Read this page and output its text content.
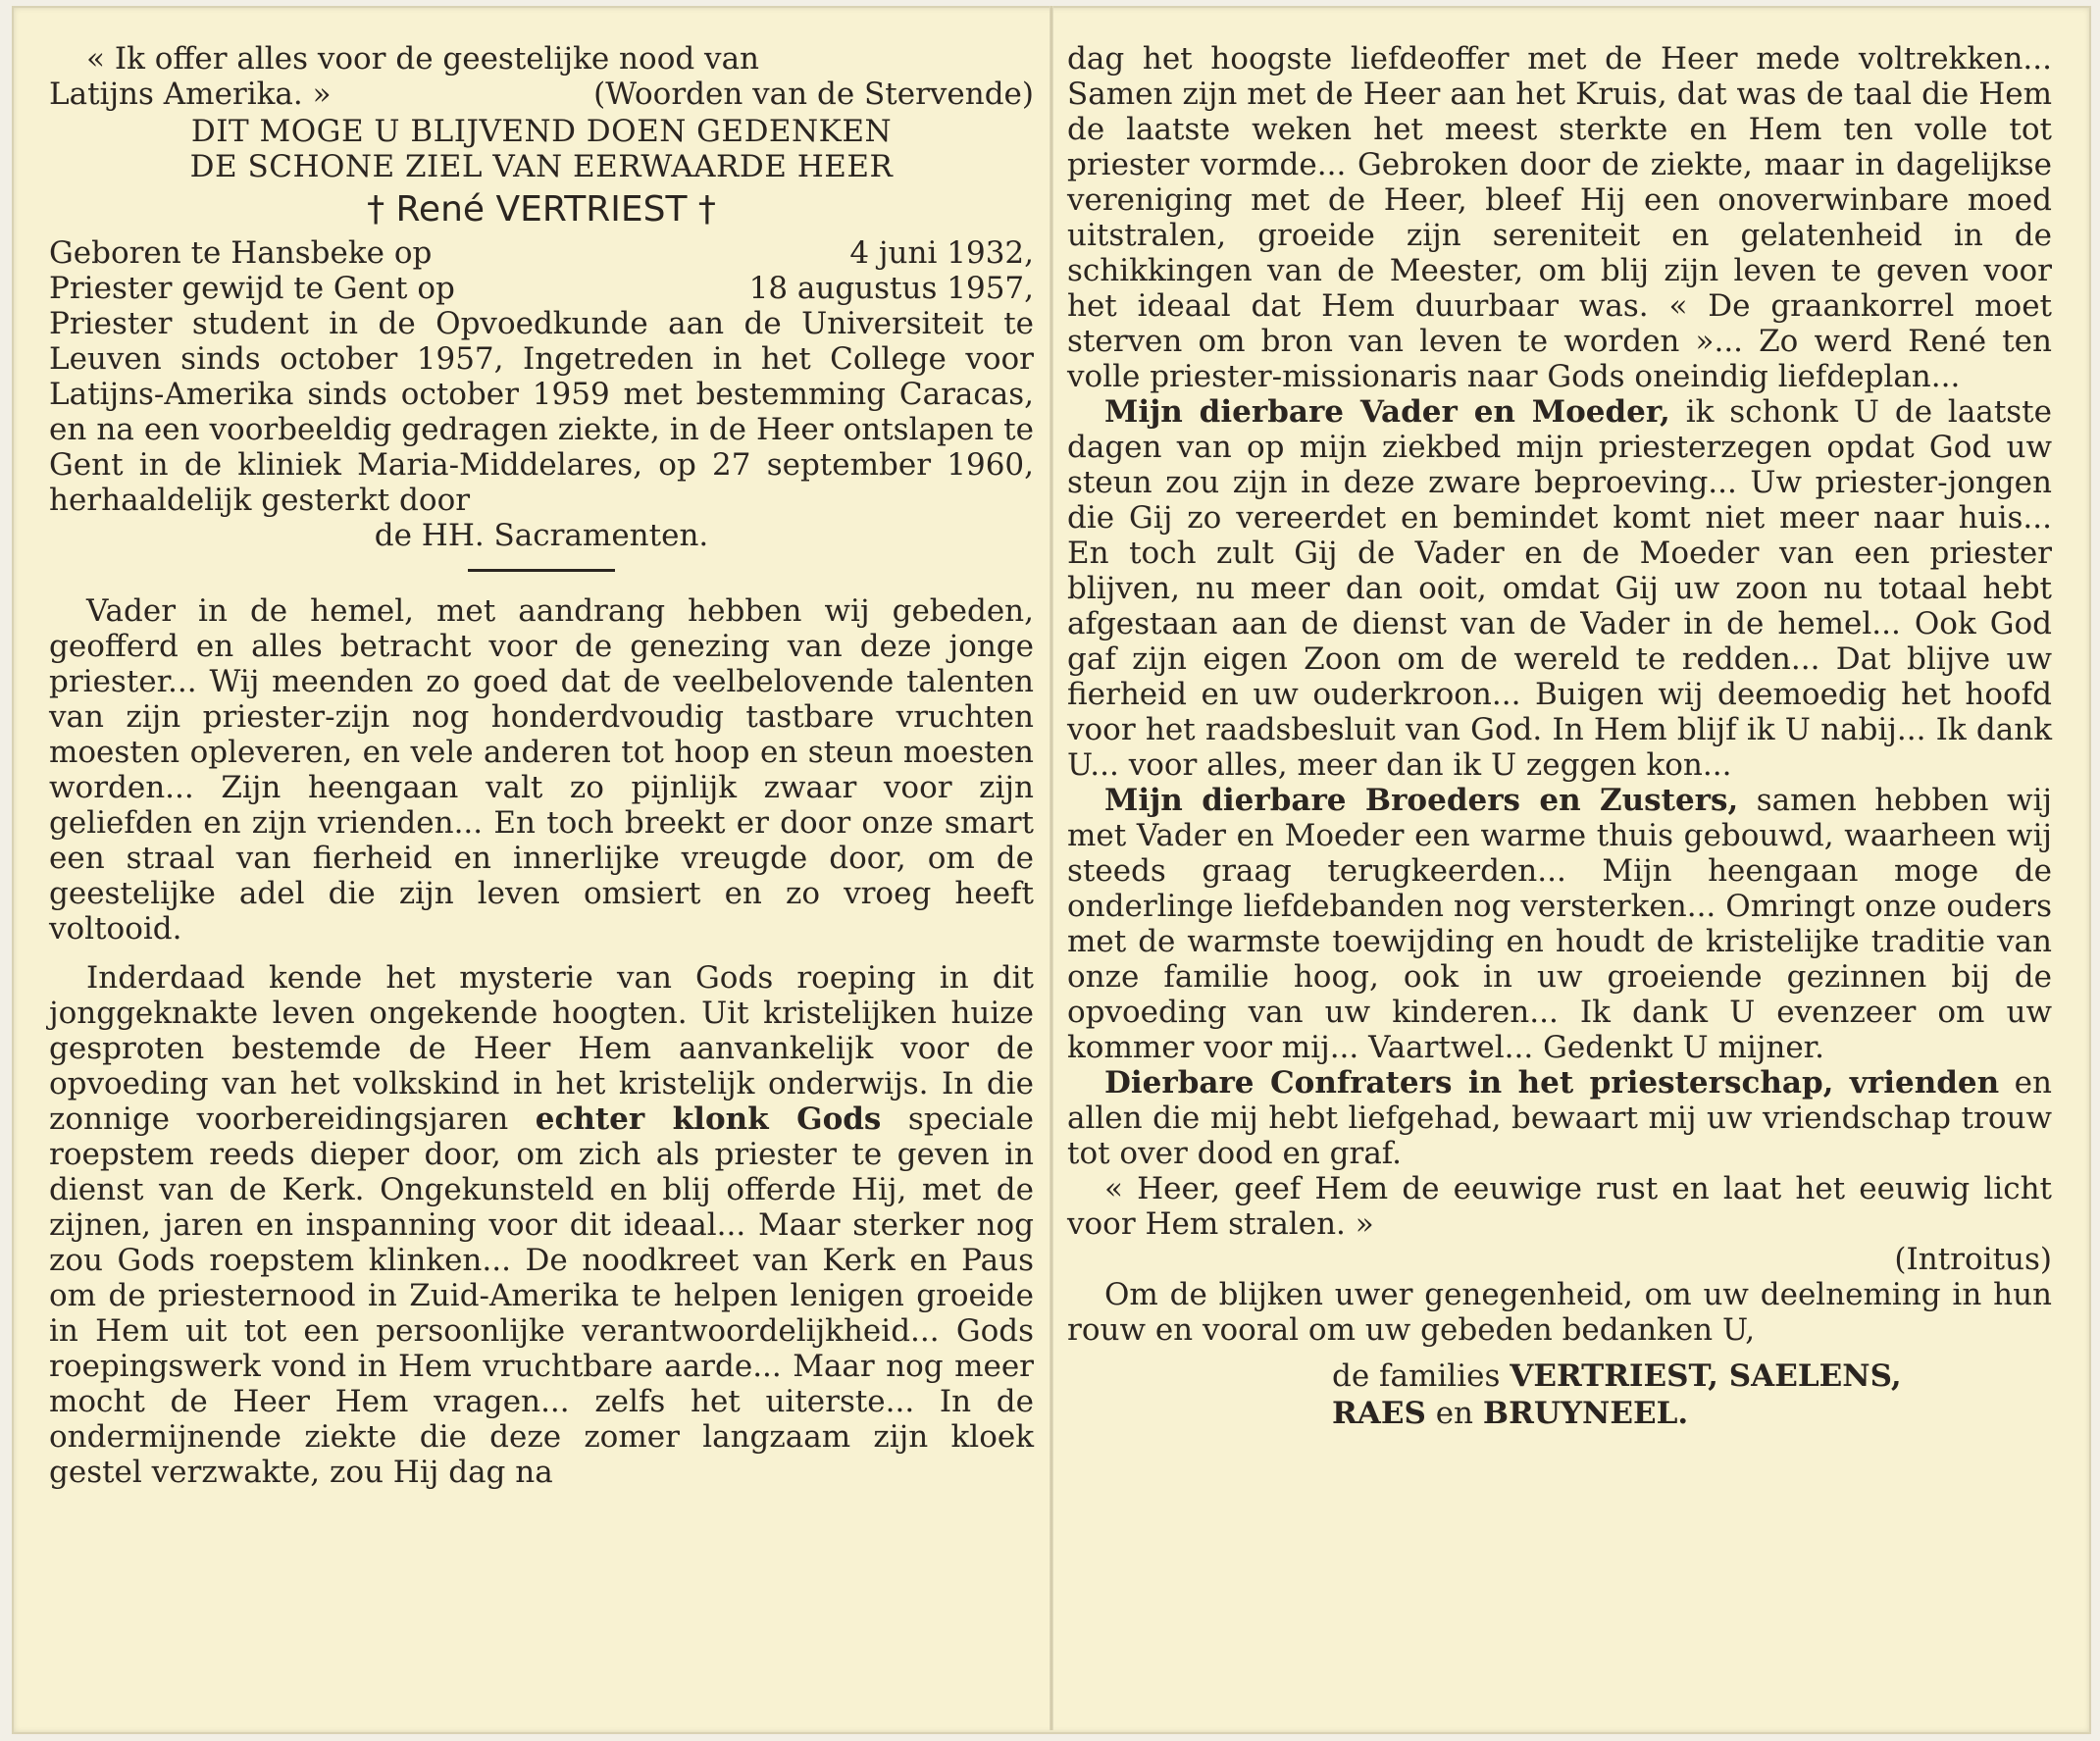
« Ik offer alles voor de geestelijke nood van

Latijns Amerika. »	(Woorden van de Stervende)
DIT MOGE U BLIJVEND DOEN GEDENKEN
DE SCHONE ZIEL VAN EERWAARDE HEER
† René VERTRIEST †
Geboren te Hansbeke op	4 juni 1932,
Priester gewijd te Gent op	18 augustus 1957,

Priester student in de Opvoedkunde aan de Universiteit te Leuven sinds october 1957, Ingetreden in het College voor Latijns-Amerika sinds october 1959 met bestemming Caracas, en na een voorbeeldig gedragen ziekte, in de Heer ontslapen te Gent in de kliniek Maria-Middelares, op 27 september 1960, herhaaldelijk gesterkt door

de HH. Sacramenten.

Vader in de hemel, met aandrang hebben wij gebeden, geofferd en alles betracht voor de genezing van deze jonge priester... Wij meenden zo goed dat de veelbelovende talenten van zijn priester-zijn nog honderdvoudig tastbare vruchten moesten opleveren, en vele anderen tot hoop en steun moesten worden... Zijn heengaan valt zo pijnlijk zwaar voor zijn geliefden en zijn vrienden... En toch breekt er door onze smart een straal van fierheid en innerlijke vreugde door, om de geestelijke adel die zijn leven omsiert en zo vroeg heeft voltooid.

Inderdaad kende het mysterie van Gods roeping in dit jonggeknakte leven ongekende hoogten. Uit kristelijken huize gesproten bestemde de Heer Hem aanvankelijk voor de opvoeding van het volkskind in het kristelijk onderwijs. In die zonnige voorbereidingsjaren echter klonk Gods speciale roepstem reeds dieper door, om zich als priester te geven in dienst van de Kerk. Ongekunsteld en blij offerde Hij, met de zijnen, jaren en inspanning voor dit ideaal... Maar sterker nog zou Gods roepstem klinken... De noodkreet van Kerk en Paus om de priesternood in Zuid-Amerika te helpen lenigen groeide in Hem uit tot een persoonlijke verantwoordelijkheid... Gods roepingswerk vond in Hem vruchtbare aarde... Maar nog meer mocht de Heer Hem vragen... zelfs het uiterste... In de ondermijnende ziekte die deze zomer langzaam zijn kloek gestel verzwakte, zou Hij dag na

dag het hoogste liefdeoffer met de Heer mede voltrekken... Samen zijn met de Heer aan het Kruis, dat was de taal die Hem de laatste weken het meest sterkte en Hem ten volle tot priester vormde... Gebroken door de ziekte, maar in dagelijkse vereniging met de Heer, bleef Hij een onoverwinbare moed uitstralen, groeide zijn sereniteit en gelatenheid in de schikkingen van de Meester, om blij zijn leven te geven voor het ideaal dat Hem duurbaar was. « De graankorrel moet sterven om bron van leven te worden »... Zo werd René ten volle priester-missionaris naar Gods oneindig liefdeplan...

Mijn dierbare Vader en Moeder, ik schonk U de laatste dagen van op mijn ziekbed mijn priesterzegen opdat God uw steun zou zijn in deze zware beproeving... Uw priester-jongen die Gij zo vereerdet en bemindet komt niet meer naar huis... En toch zult Gij de Vader en de Moeder van een priester blijven, nu meer dan ooit, omdat Gij uw zoon nu totaal hebt afgestaan aan de dienst van de Vader in de hemel... Ook God gaf zijn eigen Zoon om de wereld te redden... Dat blijve uw fierheid en uw ouderkroon... Buigen wij deemoedig het hoofd voor het raadsbesluit van God. In Hem blijf ik U nabij... Ik dank U... voor alles, meer dan ik U zeggen kon...

Mijn dierbare Broeders en Zusters, samen hebben wij met Vader en Moeder een warme thuis gebouwd, waarheen wij steeds graag terugkeerden... Mijn heengaan moge de onderlinge liefdebanden nog versterken... Omringt onze ouders met de warmste toewijding en houdt de kristelijke traditie van onze familie hoog, ook in uw groeiende gezinnen bij de opvoeding van uw kinderen... Ik dank U evenzeer om uw kommer voor mij... Vaartwel... Gedenkt U mijner.

Dierbare Confraters in het priesterschap, vrienden en allen die mij hebt liefgehad, bewaart mij uw vriendschap trouw tot over dood en graf.

« Heer, geef Hem de eeuwige rust en laat het eeuwig licht voor Hem stralen. »

(Introitus)

Om de blijken uwer genegenheid, om uw deelneming in hun rouw en vooral om uw gebeden bedanken U,

de families VERTRIEST, SAELENS,
RAES en BRUYNEEL.
